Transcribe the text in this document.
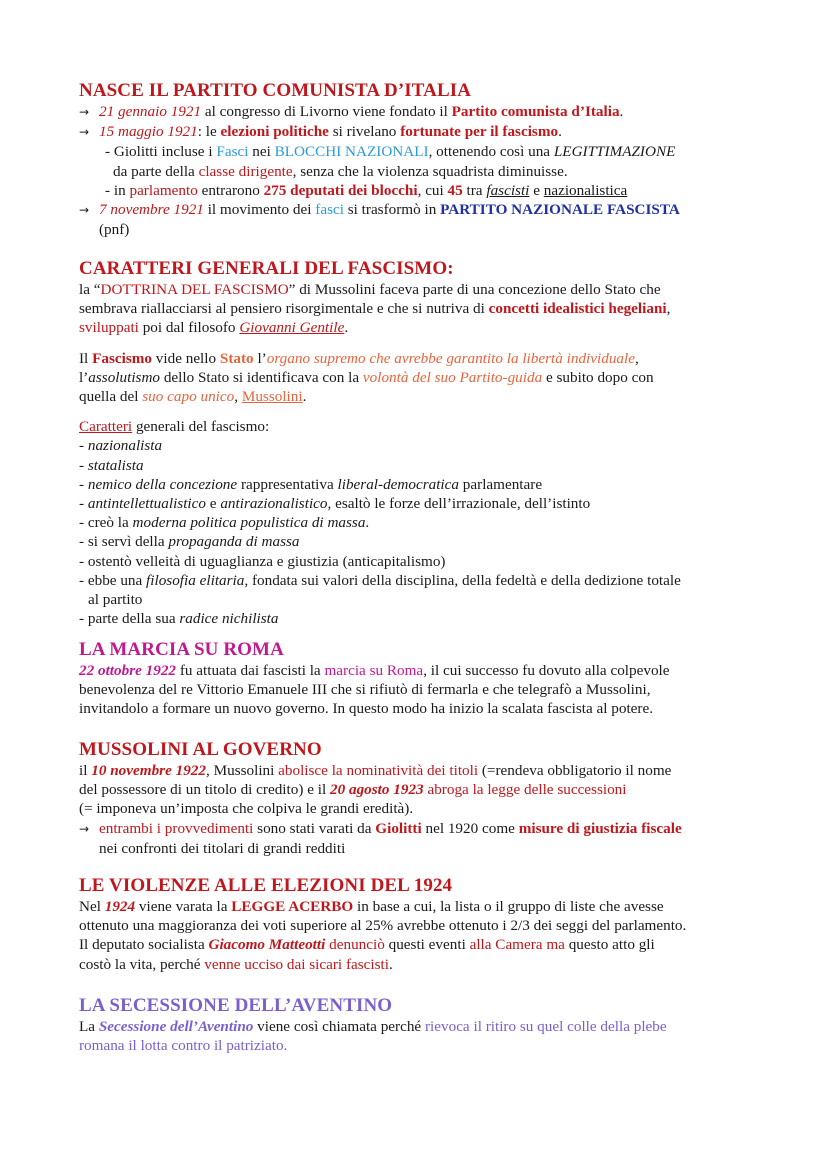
NASCE IL PARTITO COMUNISTA D’ITALIA
→ 21 gennaio 1921 al congresso di Livorno viene fondato il Partito comunista d’Italia.
→ 15 maggio 1921: le elezioni politiche si rivelano fortunate per il fascismo.
- Giolitti incluse i Fasci nei BLOCCHI NAZIONALI, ottenendo così una LEGITTIMAZIONE
da parte della classe dirigente, senza che la violenza squadrista diminuisse.
- in parlamento entrarono 275 deputati dei blocchi, cui 45 tra fascisti e nazionalistica
→ 7 novembre 1921 il movimento dei fasci si trasformò in PARTITO NAZIONALE FASCISTA
(pnf)
CARATTERI GENERALI DEL FASCISMO:
la “DOTTRINA DEL FASCISMO” di Mussolini faceva parte di una concezione dello Stato che
sembrava riallacciarsi al pensiero risorgimentale e che si nutriva di concetti idealistici hegeliani,
sviluppati poi dal filosofo Giovanni Gentile.
Il Fascismo vide nello Stato l’organo supremo che avrebbe garantito la libertà individuale,
l’assolutismo dello Stato si identificava con la volontà del suo Partito-guida e subito dopo con
quella del suo capo unico, Mussolini.
Caratteri generali del fascismo:
- nazionalista
- statalista
- nemico della concezione rappresentativa liberal-democratica parlamentare
- antintellettualistico e antirazionalistico, esaltò le forze dell’irrazionale, dell’istinto
- creò la moderna politica populistica di massa.
- si servì della propaganda di massa
- ostentò velleità di uguaglianza e giustizia (anticapitalismo)
- ebbe una filosofia elitaria, fondata sui valori della disciplina, della fedeltà e della dedizione totale
al partito
- parte della sua radice nichilista
LA MARCIA SU ROMA
22 ottobre 1922 fu attuata dai fascisti la marcia su Roma, il cui successo fu dovuto alla colpevole
benevolenza del re Vittorio Emanuele III che si rifiutò di fermarla e che telegrafò a Mussolini,
invitandolo a formare un nuovo governo. In questo modo ha inizio la scalata fascista al potere.
MUSSOLINI AL GOVERNO
il 10 novembre 1922, Mussolini abolisce la nominatività dei titoli (=rendeva obbligatorio il nome
del possessore di un titolo di credito) e il 20 agosto 1923 abroga la legge delle successioni
(= imponeva un’imposta che colpiva le grandi eredità).
→ entrambi i provvedimenti sono stati varati da Giolitti nel 1920 come misure di giustizia fiscale
nei confronti dei titolari di grandi redditi
LE VIOLENZE ALLE ELEZIONI DEL 1924
Nel 1924 viene varata la LEGGE ACERBO in base a cui, la lista o il gruppo di liste che avesse
ottenuto una maggioranza dei voti superiore al 25% avrebbe ottenuto i 2/3 dei seggi del parlamento.
Il deputato socialista Giacomo Matteotti denunciò questi eventi alla Camera ma questo atto gli
costò la vita, perché venne ucciso dai sicari fascisti.
LA SECESSIONE DELL’AVENTINO
La Secessione dell’Aventino viene così chiamata perché rievoca il ritiro su quel colle della plebe
romana il lotta contro il patriziato.
